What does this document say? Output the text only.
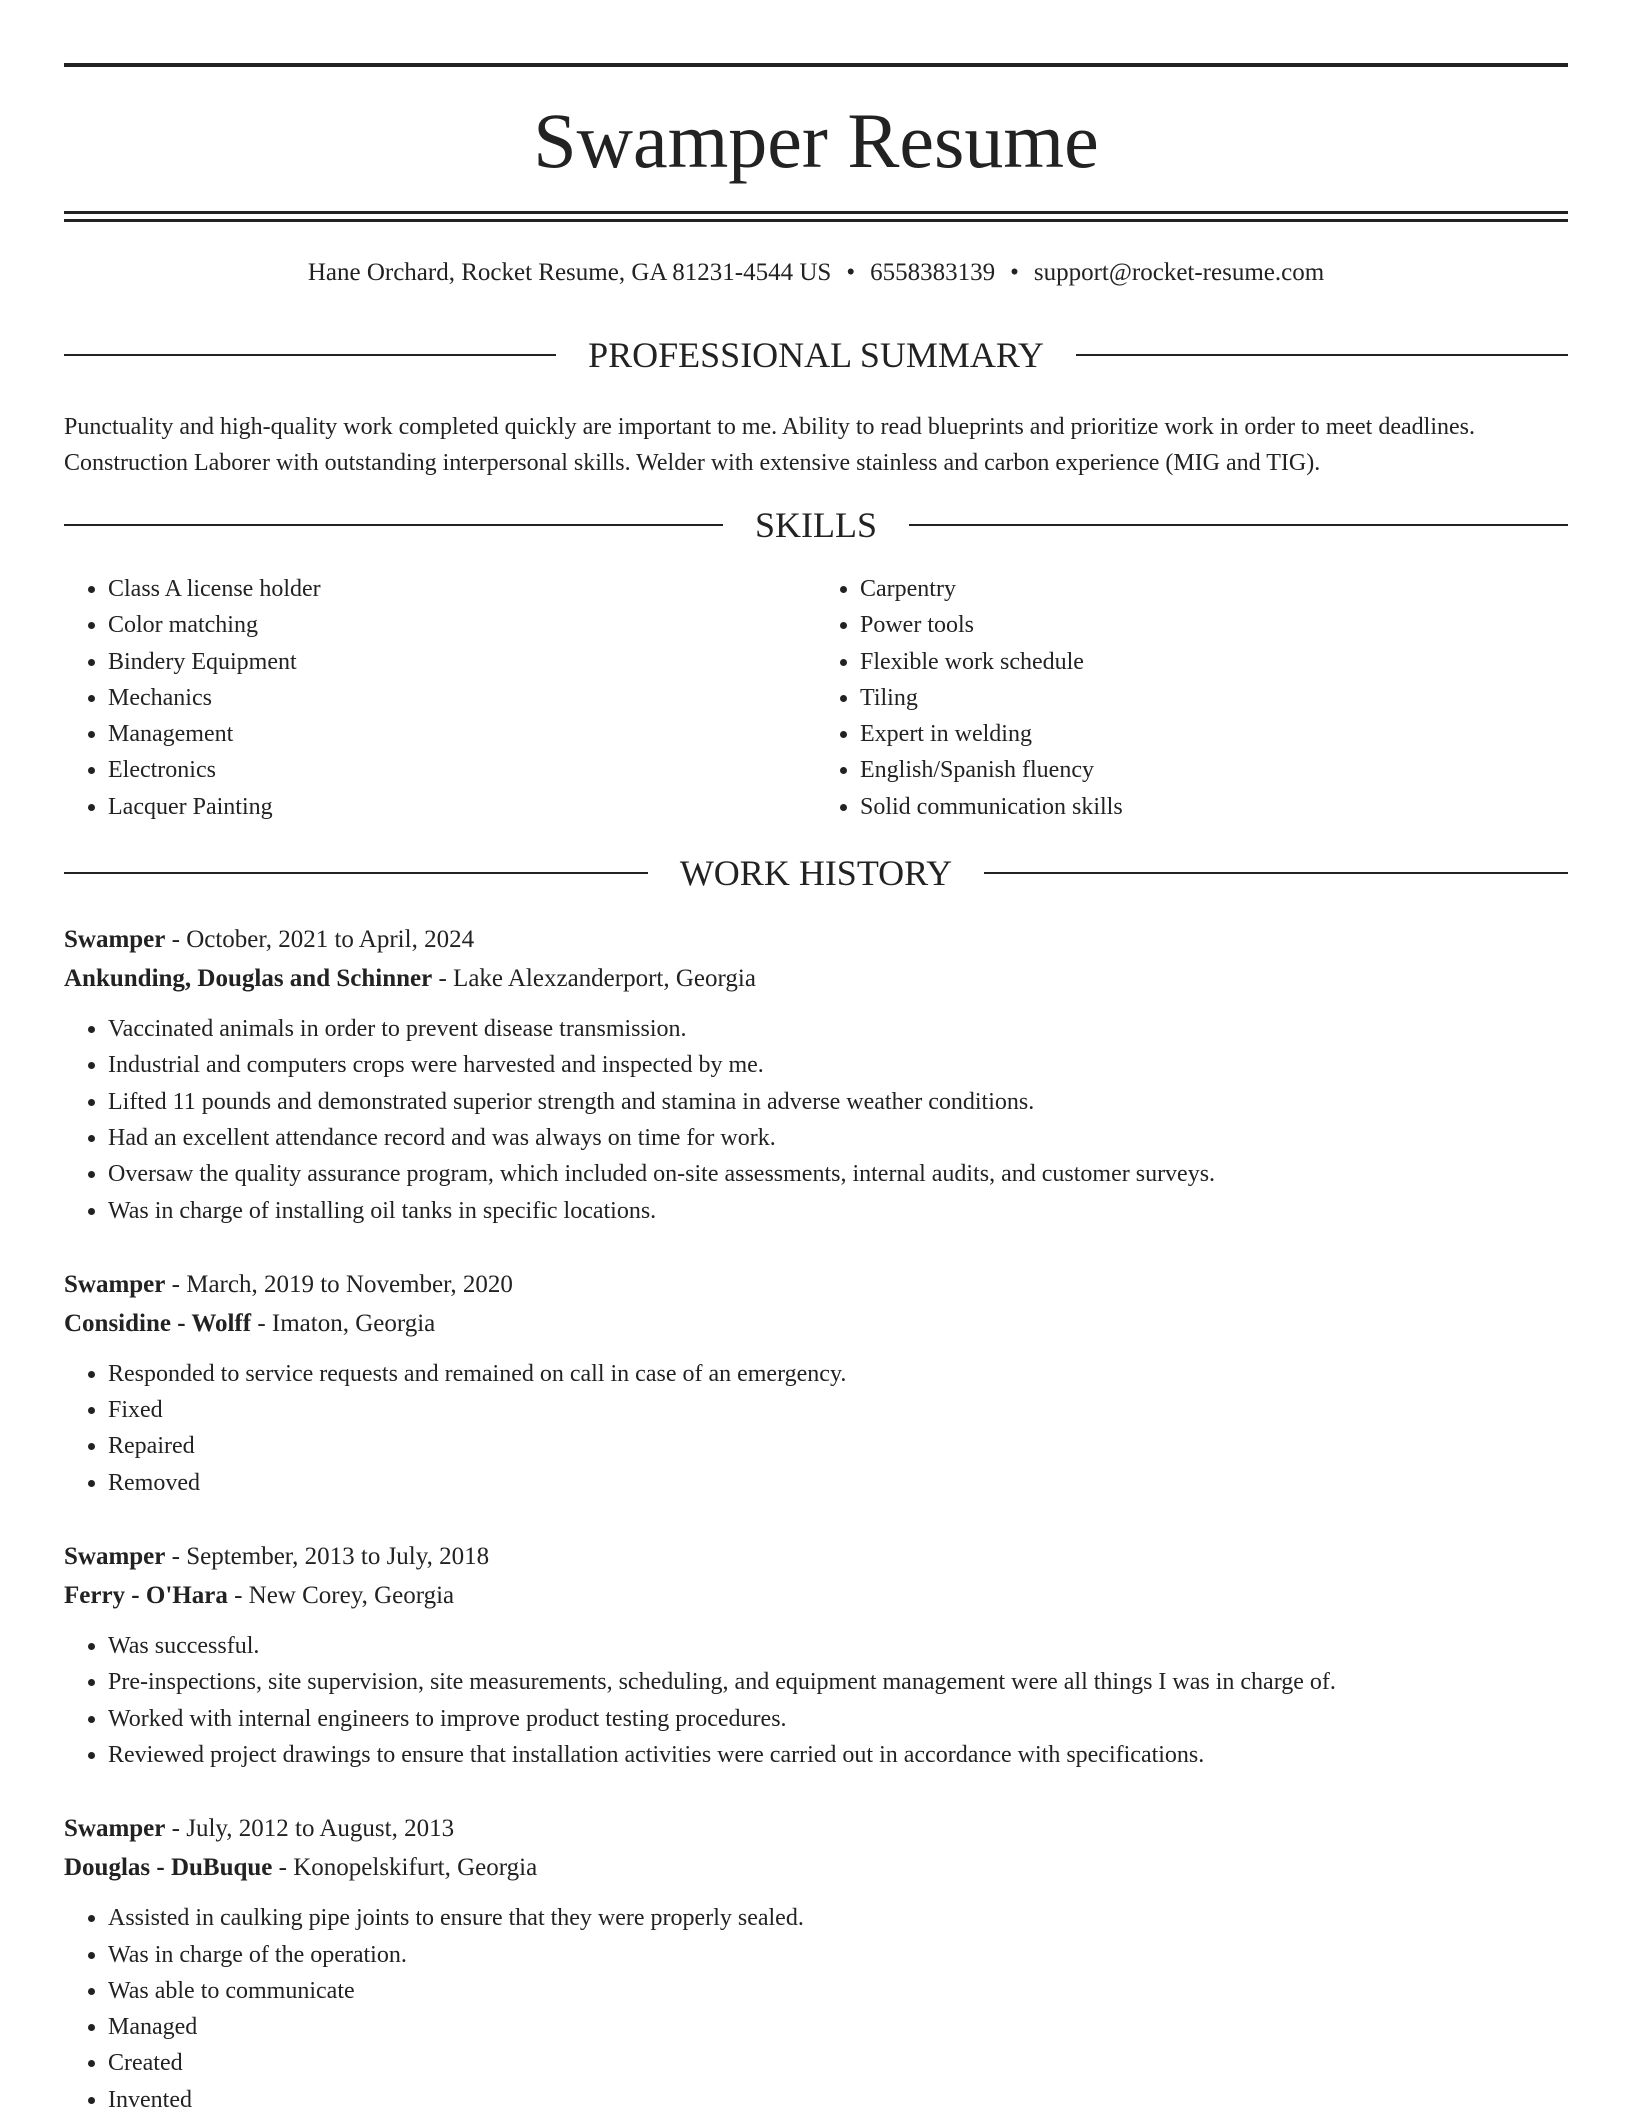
Swamper Resume
Hane Orchard, Rocket Resume, GA 81231-4544 US • 6558383139 • support@rocket-resume.com
PROFESSIONAL SUMMARY
Punctuality and high-quality work completed quickly are important to me. Ability to read blueprints and prioritize work in order to meet deadlines. Construction Laborer with outstanding interpersonal skills. Welder with extensive stainless and carbon experience (MIG and TIG).
SKILLS
• Class A license holder
• Color matching
• Bindery Equipment
• Mechanics
• Management
• Electronics
• Lacquer Painting
• Carpentry
• Power tools
• Flexible work schedule
• Tiling
• Expert in welding
• English/Spanish fluency
• Solid communication skills
WORK HISTORY
Swamper - October, 2021 to April, 2024
Ankunding, Douglas and Schinner - Lake Alexzanderport, Georgia
• Vaccinated animals in order to prevent disease transmission.
• Industrial and computers crops were harvested and inspected by me.
• Lifted 11 pounds and demonstrated superior strength and stamina in adverse weather conditions.
• Had an excellent attendance record and was always on time for work.
• Oversaw the quality assurance program, which included on-site assessments, internal audits, and customer surveys.
• Was in charge of installing oil tanks in specific locations.
Swamper - March, 2019 to November, 2020
Considine - Wolff - Imaton, Georgia
• Responded to service requests and remained on call in case of an emergency.
• Fixed
• Repaired
• Removed
Swamper - September, 2013 to July, 2018
Ferry - O'Hara - New Corey, Georgia
• Was successful.
• Pre-inspections, site supervision, site measurements, scheduling, and equipment management were all things I was in charge of.
• Worked with internal engineers to improve product testing procedures.
• Reviewed project drawings to ensure that installation activities were carried out in accordance with specifications.
Swamper - July, 2012 to August, 2013
Douglas - DuBuque - Konopelskifurt, Georgia
• Assisted in caulking pipe joints to ensure that they were properly sealed.
• Was in charge of the operation.
• Was able to communicate
• Managed
• Created
• Invented
